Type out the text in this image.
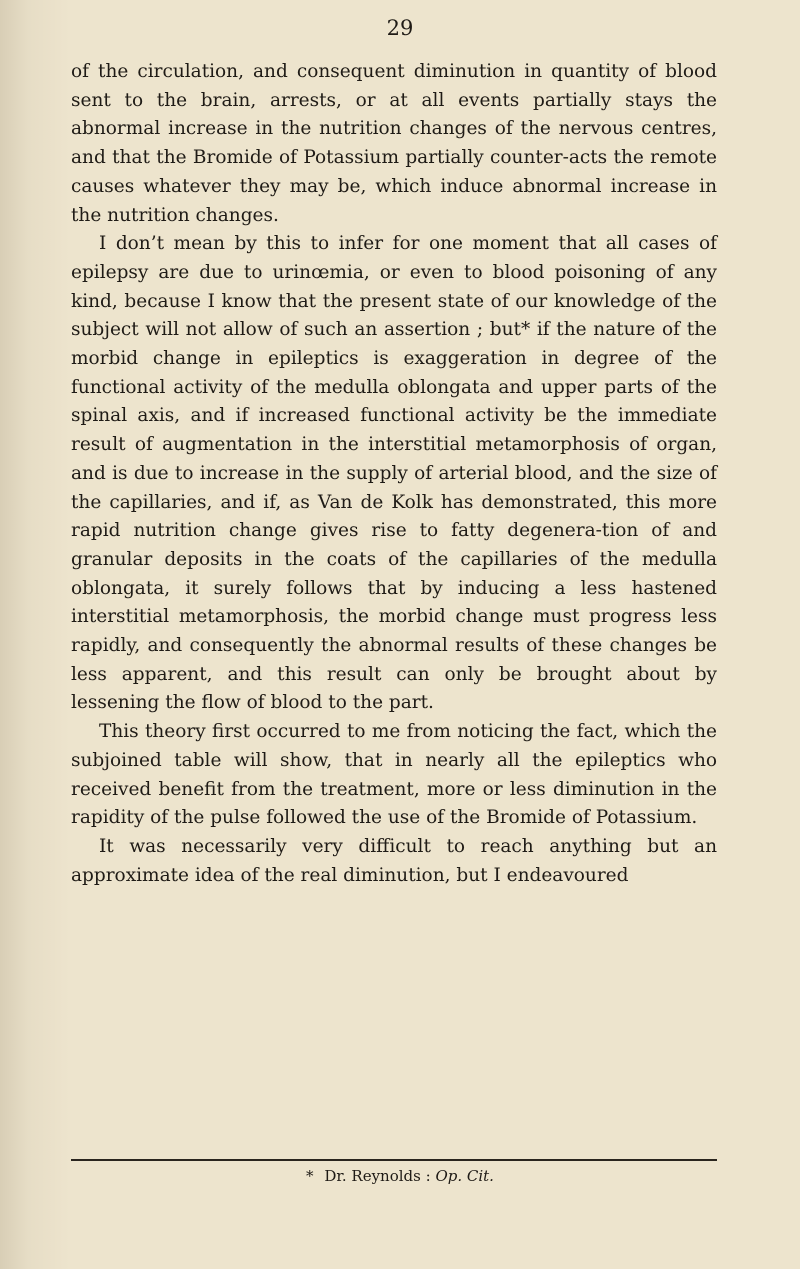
29

of the circulation, and consequent diminution in quantity of blood sent to the brain, arrests, or at all events partially stays the abnormal increase in the nutrition changes of the nervous centres, and that the Bromide of Potassium partially counter-acts the remote causes whatever they may be, which induce abnormal increase in the nutrition changes.

I don’t mean by this to infer for one moment that all cases of epilepsy are due to urinœmia, or even to blood poisoning of any kind, because I know that the present state of our knowledge of the subject will not allow of such an assertion ; but* if the nature of the morbid change in epileptics is exaggeration in degree of the functional activity of the medulla oblongata and upper parts of the spinal axis, and if increased functional activity be the immediate result of augmentation in the interstitial metamorphosis of organ, and is due to increase in the supply of arterial blood, and the size of the capillaries, and if, as Van de Kolk has demonstrated, this more rapid nutrition change gives rise to fatty degenera-tion of and granular deposits in the coats of the capillaries of the medulla oblongata, it surely follows that by inducing a less hastened interstitial metamorphosis, the morbid change must progress less rapidly, and consequently the abnormal results of these changes be less apparent, and this result can only be brought about by lessening the flow of blood to the part.

This theory first occurred to me from noticing the fact, which the subjoined table will show, that in nearly all the epileptics who received benefit from the treatment, more or less diminution in the rapidity of the pulse followed the use of the Bromide of Potassium.

It was necessarily very difficult to reach anything but an approximate idea of the real diminution, but I endeavoured

* Dr. Reynolds : Op. Cit.
